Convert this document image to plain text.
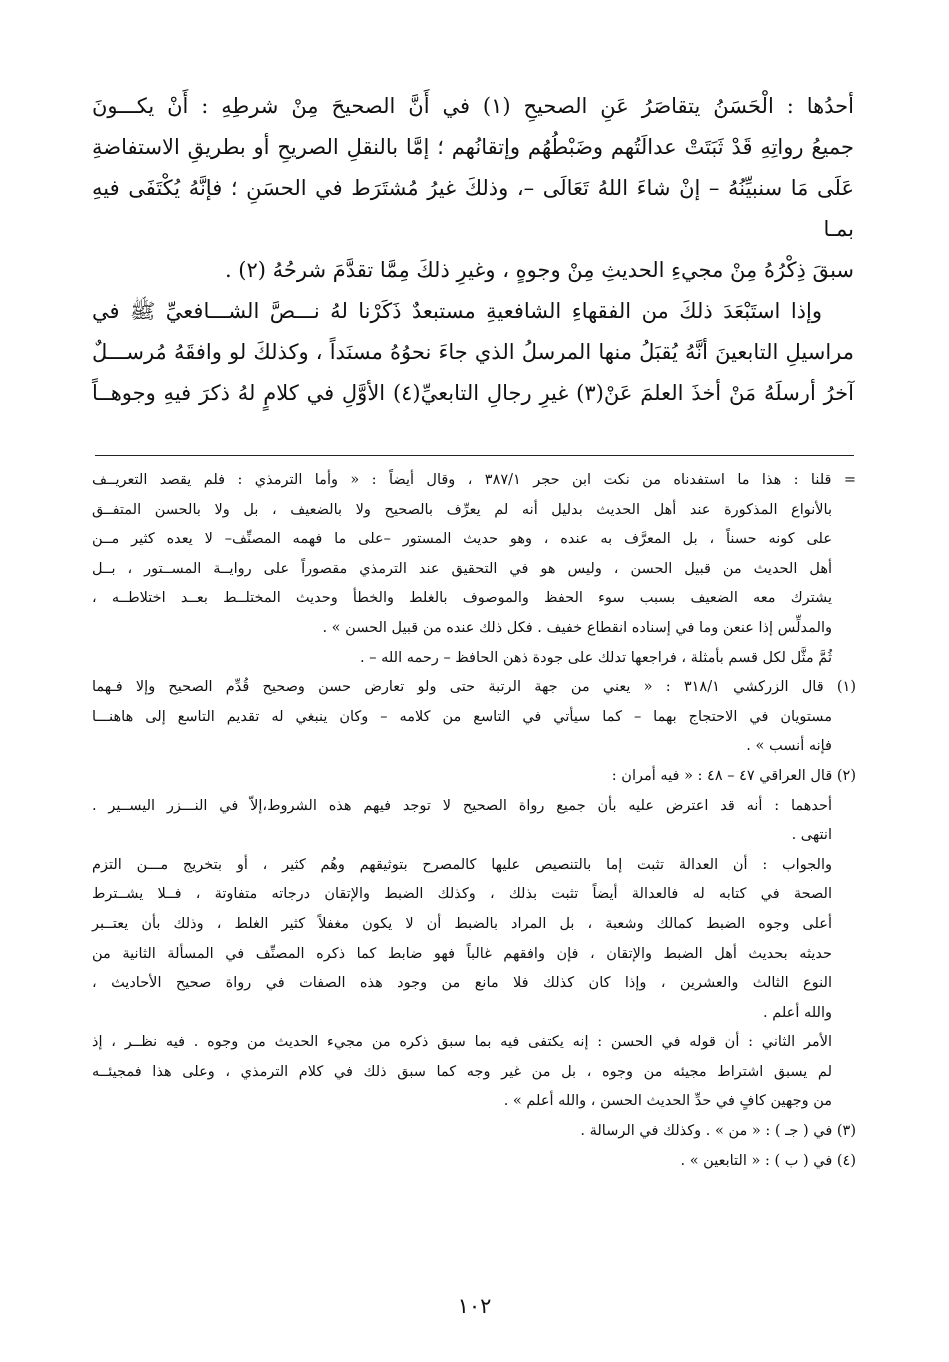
أحدُها : الْحَسَنُ يتقاصَرُ عَنِ الصحيحِ (١) في أَنَّ الصحيحَ مِنْ شرطِهِ : أَنْ يكـــونَ

جميعُ رواتِهِ قَدْ ثَبَتَتْ عدالَتُهم وضَبْطُهُم وإتقانُهم ؛ إمَّا بالنقلِ الصريحِ أو بطريقِ الاستفاضةِ

عَلَى مَا سنبيِّنُهُ – إنْ شاءَ اللهُ تَعَالَى –، وذلكَ غيرُ مُشتَرَط في الحسَنِ ؛ فإنَّهُ يُكْتَفَى فيهِ بمـا

سبقَ ذِكْرُهُ مِنْ مجيءِ الحديثِ مِنْ وجوهٍ ، وغيرِ ذلكَ مِمَّا تقدَّمَ شرحُهُ (٢) .

وإذا استَبْعَدَ ذلكَ من الفقهاءِ الشافعيةِ مستبعدٌ ذَكَرْنا لهُ نـــصَّ الشـــافعيِّ ﷺ في

مراسيلِ التابعينَ أنَّهُ يُقبَلُ منها المرسلُ الذي جاءَ نحوُهُ مسنَداً ، وكذلكَ لو وافقَهُ مُرســـلٌ

آخرُ أرسلَهُ مَنْ أخذَ العلمَ عَنْ(٣) غيرِ رجالِ التابعيِّ(٤) الأوَّلِ في كلامٍ لهُ ذكرَ فيهِ وجوهــاً

= قلنا : هذا ما استفدناه من نكت ابن حجر ٣٨٧/١ ، وقال أيضاً : « وأما الترمذي : فلم يقصد التعريــف

بالأنواع المذكورة عند أهل الحديث بدليل أنه لم يعرِّف بالصحيح ولا بالضعيف ، بل ولا بالحسن المتفــق

على كونه حسناً ، بل المعرَّف به عنده ، وهو حديث المستور –على ما فهمه المصنِّف– لا يعده كثير مــن

أهل الحديث من قبيل الحسن ، وليس هو في التحقيق عند الترمذي مقصوراً على روايــة المســتور ، بــل

يشترك معه الضعيف بسبب سوء الحفظ والموصوف بالغلط والخطأ وحديث المختلــط بعــد اختلاطــه ،

والمدلِّس إذا عنعن وما في إسناده انقطاع خفيف . فكل ذلك عنده من قبيل الحسن » .

ثُمَّ مثَّل لكل قسم بأمثلة ، فراجعها تدلك على جودة ذهن الحافظ – رحمه الله – .

(١) قال الزركشي ٣١٨/١ : « يعني من جهة الرتبة حتى ولو تعارض حسن وصحيح قُدِّم الصحيح وإلا فـهما

مستويان في الاحتجاج بهما – كما سيأتي في التاسع من كلامه – وكان ينبغي له تقديم التاسع إلى هاهنـــا

فإنه أنسب » .

(٢) قال العراقي ٤٧ – ٤٨ : « فيه أمران :

أحدهما : أنه قد اعترض عليه بأن جميع رواة الصحيح لا توجد فيهم هذه الشروط،إلاّ في النـــزر اليســير .

انتهى .

والجواب : أن العدالة تثبت إما بالتنصيص عليها كالمصرح بتوثيقهم وهُم كثير ، أو بتخريج مـــن التزم

الصحة في كتابه له فالعدالة أيضاً تثبت بذلك ، وكذلك الضبط والإتقان درجاته متفاوتة ، فــلا يشــترط

أعلى وجوه الضبط كمالك وشعبة ، بل المراد بالضبط أن لا يكون مغفلاً كثير الغلط ، وذلك بأن يعتــبر

حديثه بحديث أهل الضبط والإتقان ، فإن وافقهم غالباً فهو ضابط كما ذكره المصنِّف في المسألة الثانية من

النوع الثالث والعشرين ، وإذا كان كذلك فلا مانع من وجود هذه الصفات في رواة صحيح الأحاديث ،

والله أعلم .

الأمر الثاني : أن قوله في الحسن : إنه يكتفى فيه بما سبق ذكره من مجيء الحديث من وجوه . فيه نظــر ، إذ

لم يسبق اشتراط مجيئه من وجوه ، بل من غير وجه كما سبق ذلك في كلام الترمذي ، وعلى هذا فمجيئــه

من وجهين كافٍ في حدِّ الحديث الحسن ، والله أعلم » .

(٣) في ( جـ ) : « من » . وكذلك في الرسالة .

(٤) في ( ب ) : « التابعين » .

١٠٢
